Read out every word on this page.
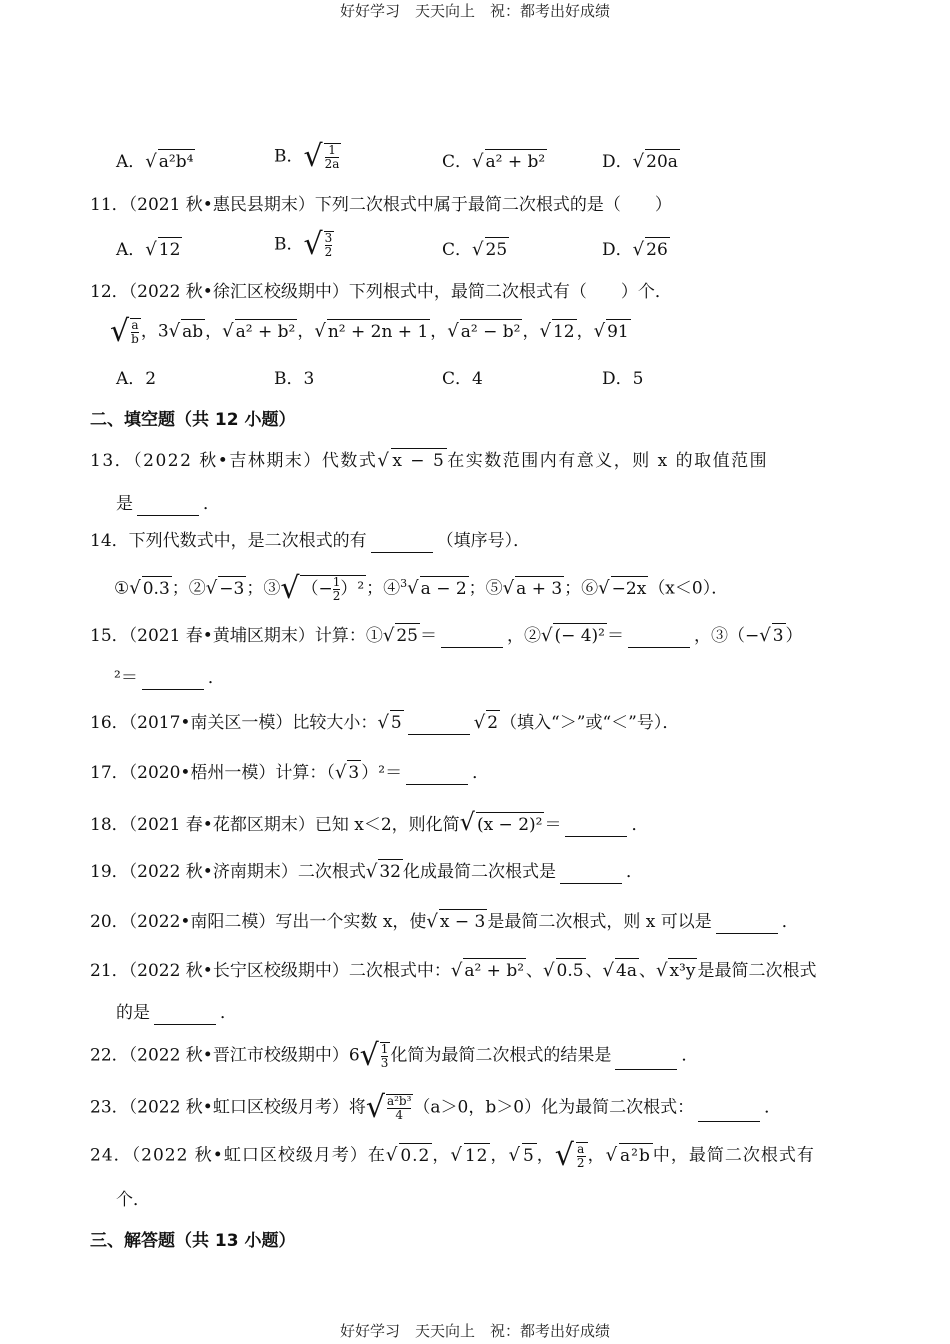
好好学习　天天向上　祝：都考出好成绩
A．√ a²b⁴	B．√ $\frac{1}{2a}$	C．√ a² + b²	D．√ 20a
11．（2021 秋•惠民县期末）下列二次根式中属于最简二次根式的是（　　）
A．√ 12	B．√ $\frac{3}{2}$	C．√ 25	D．√ 26
12．（2022 秋•徐汇区校级期中）下列根式中，最简二次根式有（　　）个．
√ $\frac{a}{b}$ ，3√ ab ，√ a² + b² ，√ n² + 2n + 1 ，√ a² − b² ，√ 12 ，√ 91
A．2	B．3	C．4	D．5
二、填空题（共 12 小题）
13．（2022 秋•吉林期末）代数式√ x − 5 在实数范围内有意义，则 x 的取值范围
是	．
14．下列代数式中，是二次根式的有	（填序号）．
①√ 0.3 ；②√ −3 ；③√ （− $\frac{1}{2} )^2$ ；④$^3$√ a − 2 ；⑤√ a + 3 ；⑥√ −2x （x＜0）．
15．（2021 春•黄埔区期末）计算：①√ 25 ＝	，②√ (− 4)² ＝	，③（−√ 3 ）
²＝	．
16．（2017•南关区一模）比较大小：√ 5	√ 2 （填入“＞”或“＜”号）．
17．（2020•梧州一模）计算：（√ 3 ）²＝	．
18．（2021 春•花都区期末）已知 x＜2，则化简√ (x − 2)² ＝	．
19．（2022 秋•济南期末）二次根式√ 32 化成最简二次根式是	．
20．（2022•南阳二模）写出一个实数 x，使√ x − 3 是最简二次根式，则 x 可以是	．
21．（2022 秋•长宁区校级期中）二次根式中：√ a² + b² 、√ 0.5 、√ 4a 、√ x³y 是最简二次根式
的是	．
22．（2022 秋•晋江市校级期中）$6√ \frac{1}{3}$ 化简为最简二次根式的结果是	．
23．（2022 秋•虹口区校级月考）将√ $\frac{\text{a²b³}}{4} (a>0$，b＞0）化为最简二次根式：	．
24．（2022 秋•虹口区校级月考）在√ 0.2 ，√ 12 ，√ 5 ，√ $\frac{a}{2}$ ，√ a²b 中，最简二次根式有
个．
三、解答题（共 13 小题）
好好学习　天天向上　祝：都考出好成绩
